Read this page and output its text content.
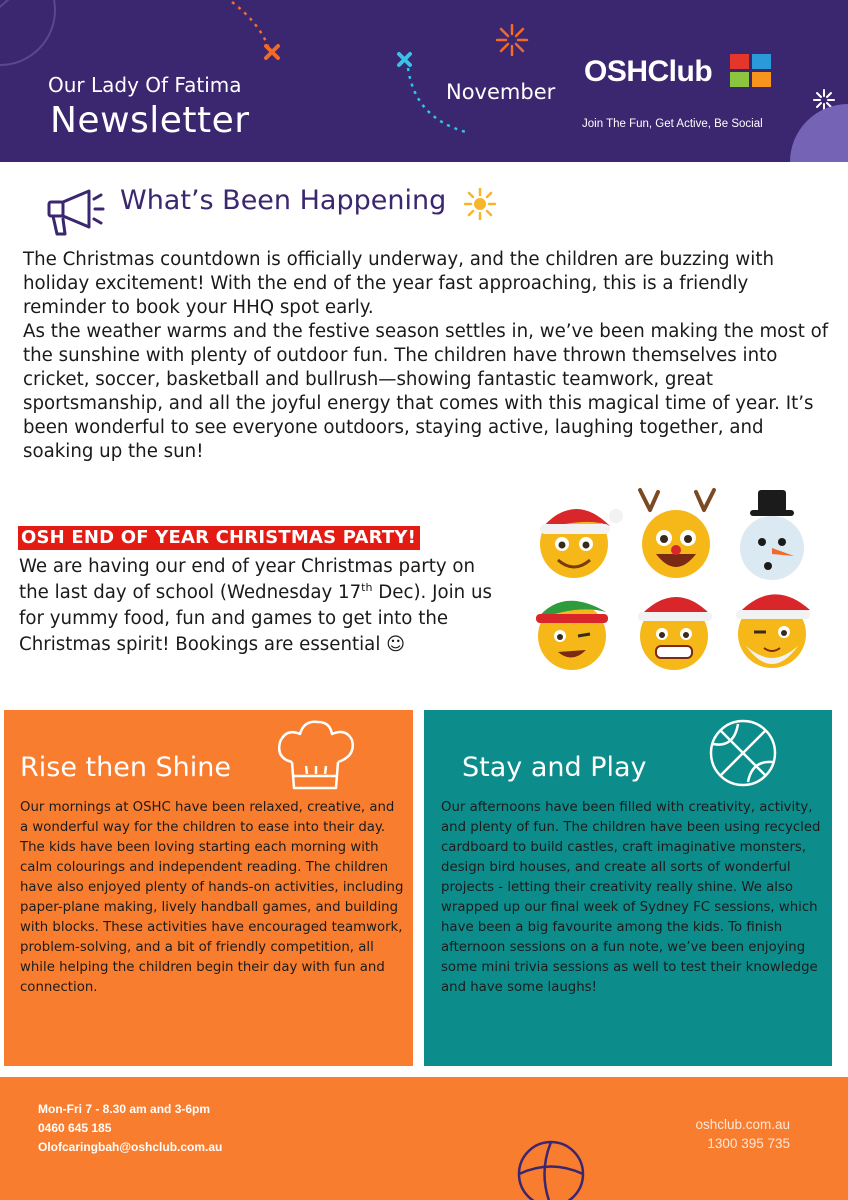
Our Lady Of Fatima
Newsletter
November
OSHClub
Join The Fun, Get Active, Be Social
What’s Been Happening

The Christmas countdown is officially underway, and the children are buzzing with holiday excitement! With the end of the year fast approaching, this is a friendly reminder to book your HHQ spot early.

As the weather warms and the festive season settles in, we’ve been making the most of the sunshine with plenty of outdoor fun. The children have thrown themselves into cricket, soccer, basketball and bullrush—showing fantastic teamwork, great sportsmanship, and all the joyful energy that comes with this magical time of year. It’s been wonderful to see everyone outdoors, staying active, laughing together, and soaking up the sun!

OSH END OF YEAR CHRISTMAS PARTY!
We are having our end of year Christmas party on the last day of school (Wednesday 17th Dec). Join us for yummy food, fun and games to get into the Christmas spirit! Bookings are essential ☺
Rise then Shine

Our mornings at OSHC have been relaxed, creative, and a wonderful way for the children to ease into their day. The kids have been loving starting each morning with calm colourings and independent reading. The children have also enjoyed plenty of hands-on activities, including paper-plane making, lively handball games, and building with blocks. These activities have encouraged teamwork, problem-solving, and a bit of friendly competition, all while helping the children begin their day with fun and connection.

Stay and Play

Our afternoons have been filled with creativity, activity, and plenty of fun. The children have been using recycled cardboard to build castles, craft imaginative monsters, design bird houses, and create all sorts of wonderful projects - letting their creativity really shine. We also wrapped up our final week of Sydney FC sessions, which have been a big favourite among the kids. To finish afternoon sessions on a fun note, we’ve been enjoying some mini trivia sessions as well to test their knowledge and have some laughs!

Mon-Fri 7 - 8.30 am and 3-6pm
0460 645 185
Olofcaringbah@oshclub.com.au
oshclub.com.au
1300 395 735
